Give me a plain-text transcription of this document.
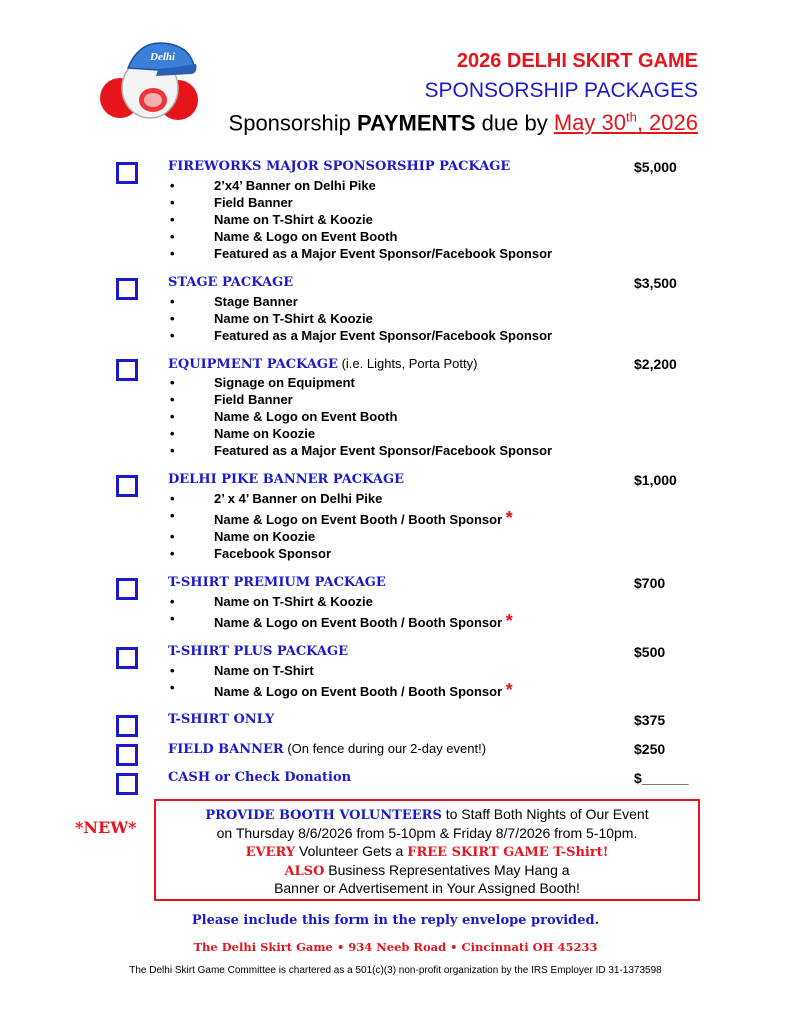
Delhi	2026 DELHI SKIRT GAME
SPONSORSHIP PACKAGES
Sponsorship PAYMENTS due by May 30th, 2026
FIREWORKS MAJOR SPONSORSHIP PACKAGE	$5,000
•	2’x4’ Banner on Delhi Pike
•	Field Banner
•	Name on T-Shirt & Koozie
•	Name & Logo on Event Booth
•	Featured as a Major Event Sponsor/Facebook Sponsor
STAGE PACKAGE	$3,500
•	Stage Banner
•	Name on T-Shirt & Koozie
•	Featured as a Major Event Sponsor/Facebook Sponsor
EQUIPMENT PACKAGE (i.e. Lights, Porta Potty)	$2,200
•	Signage on Equipment
•	Field Banner
•	Name & Logo on Event Booth
•	Name on Koozie
•	Featured as a Major Event Sponsor/Facebook Sponsor
DELHI PIKE BANNER PACKAGE	$1,000
•	2’ x 4’ Banner on Delhi Pike
•	Name & Logo on Event Booth / Booth Sponsor *
•	Name on Koozie
•	Facebook Sponsor
T-SHIRT PREMIUM PACKAGE	$700
•	Name on T-Shirt & Koozie
•	Name & Logo on Event Booth / Booth Sponsor *
T-SHIRT PLUS PACKAGE	$500
•	Name on T-Shirt
•	Name & Logo on Event Booth / Booth Sponsor *
T-SHIRT ONLY	$375
FIELD BANNER (On fence during our 2-day event!)	$250
CASH or Check Donation	$______
*NEW*
PROVIDE BOOTH VOLUNTEERS to Staff Both Nights of Our Event
on Thursday 8/6/2026 from 5-10pm & Friday 8/7/2026 from 5-10pm.
EVERY Volunteer Gets a FREE SKIRT GAME T-Shirt!
ALSO Business Representatives May Hang a
Banner or Advertisement in Your Assigned Booth!
Please include this form in the reply envelope provided.
The Delhi Skirt Game • 934 Neeb Road • Cincinnati OH 45233
The Delhi Skirt Game Committee is chartered as a 501(c)(3) non-profit organization by the IRS Employer ID 31-1373598
